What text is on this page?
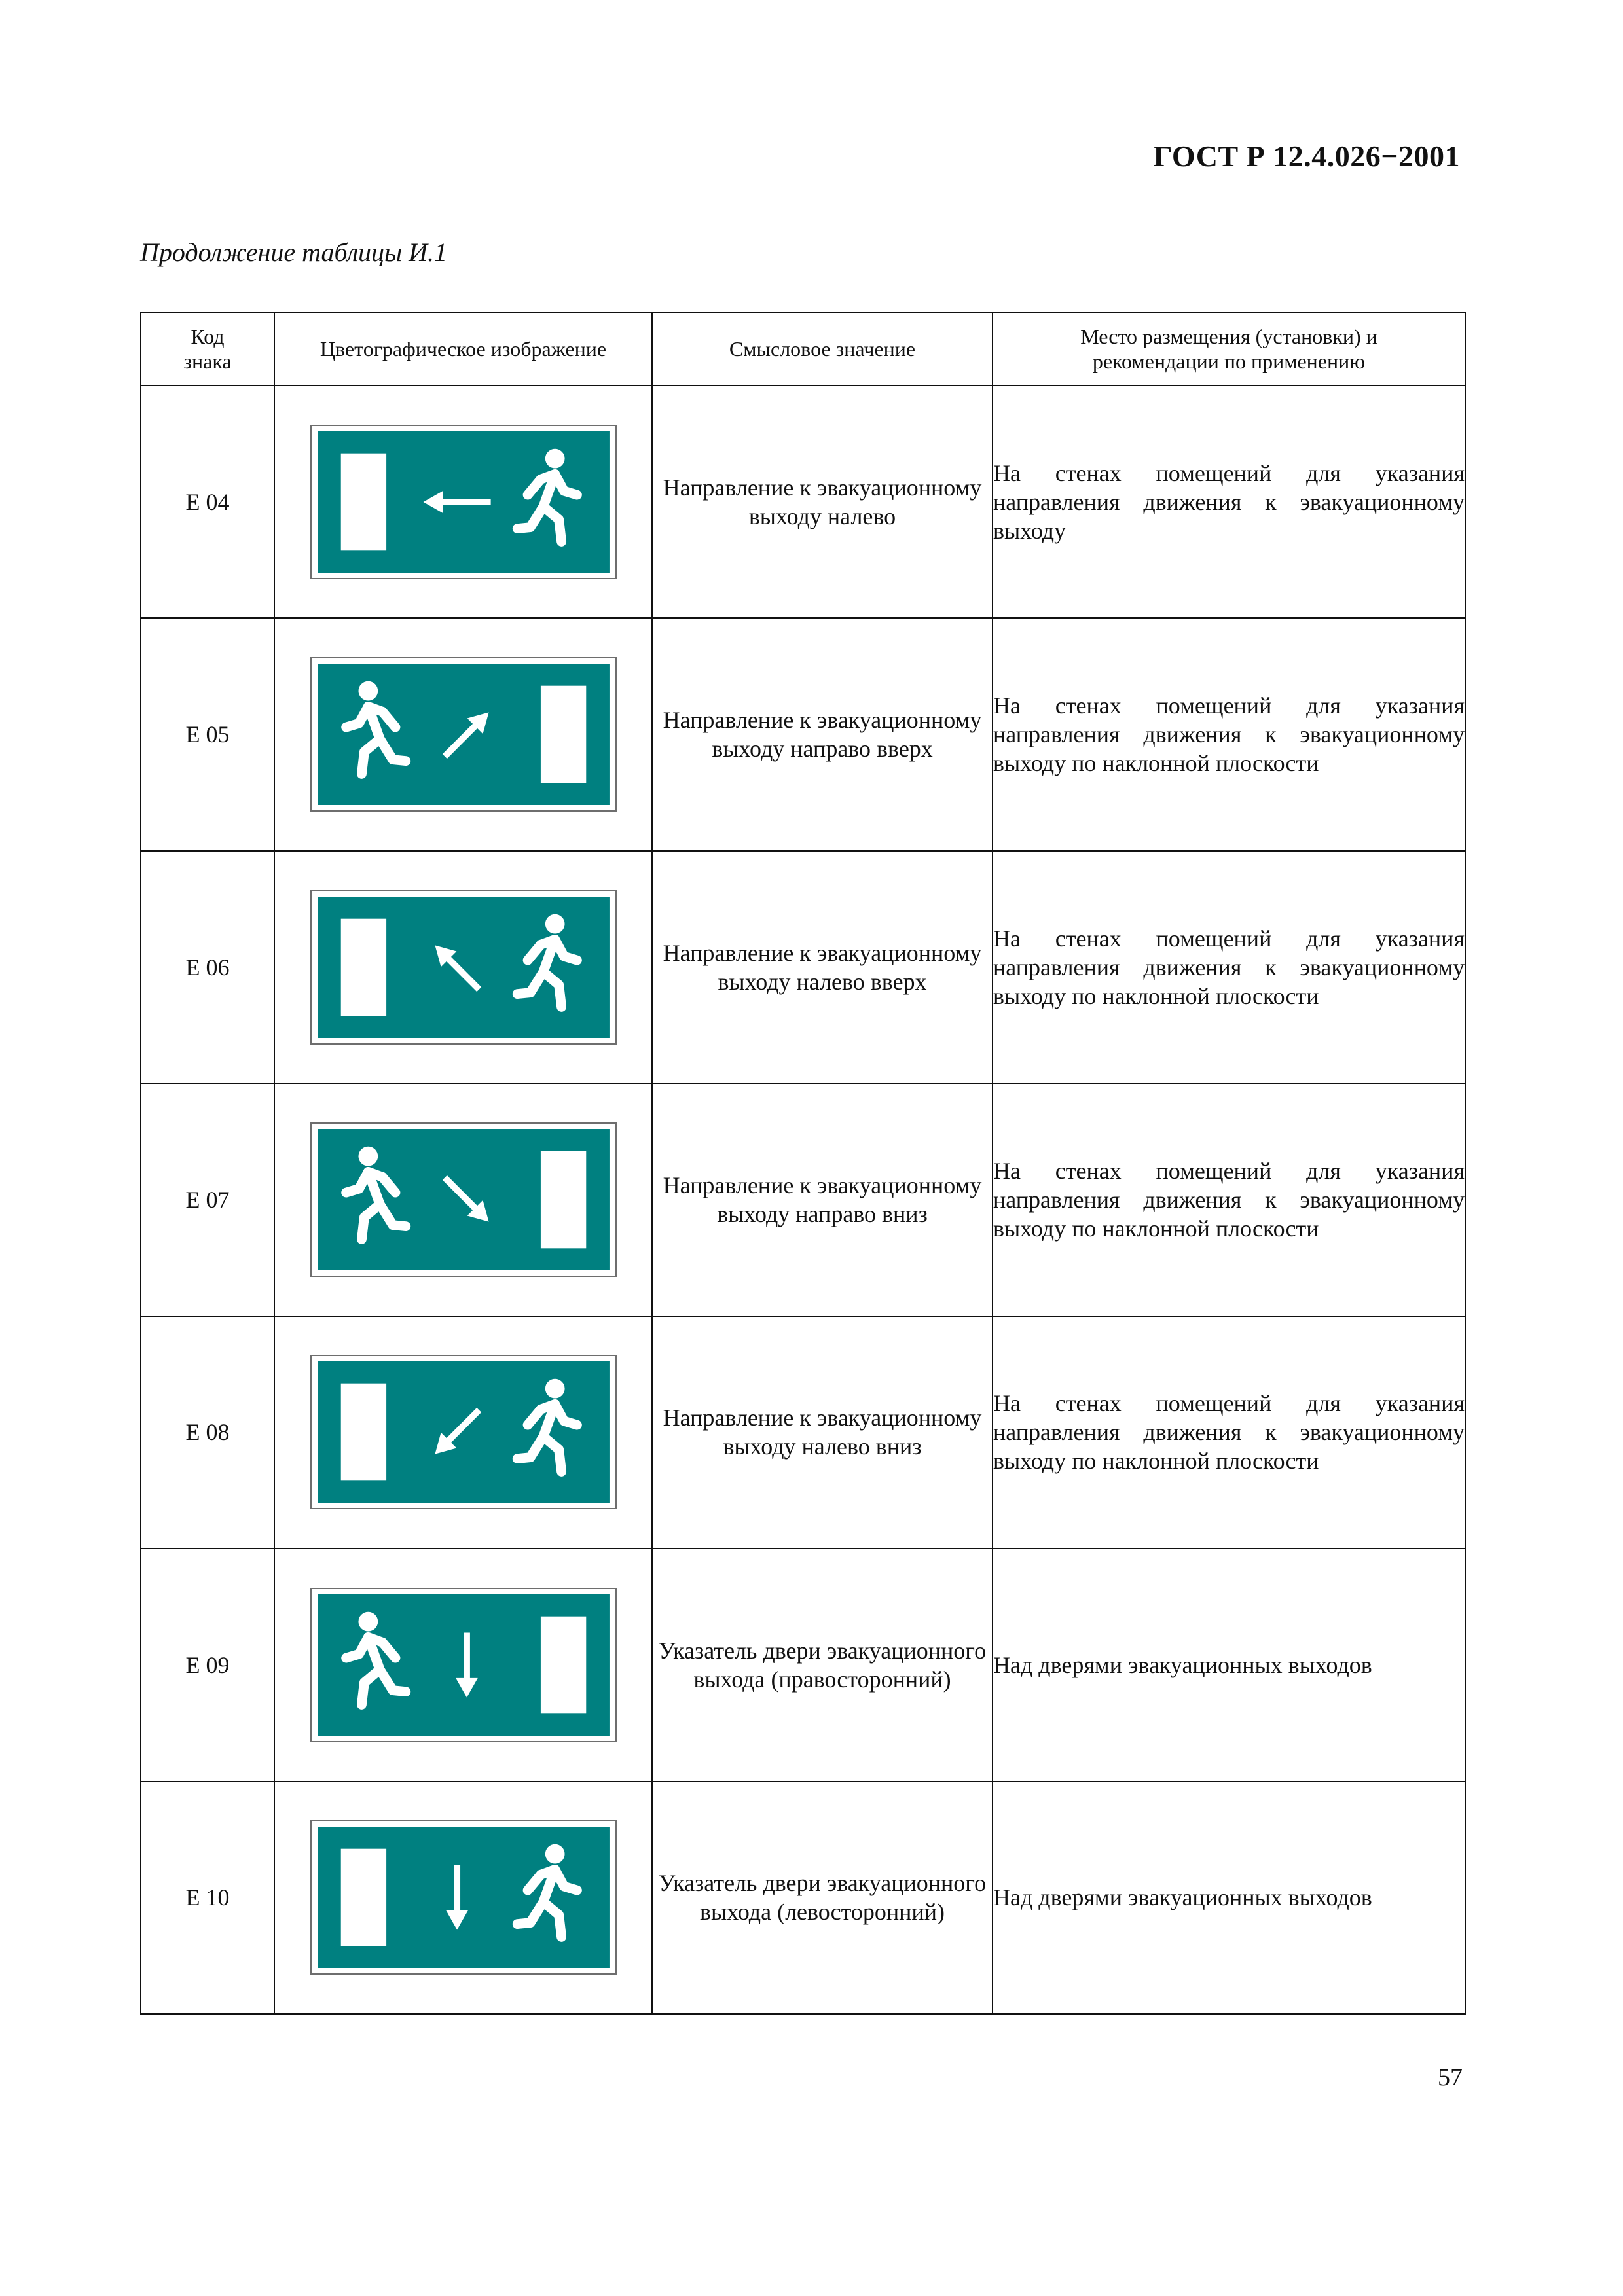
ГОСТ Р 12.4.026−2001
Продолжение таблицы И.1
Код знака	Цветографическое изображение	Смысловое значение	Место размещения (установки) и рекомендации по применению
Е 04		Направление к эвакуационному выходу налево	На стенах помещений для указания направления движения к эвакуационному выходу
Е 05		Направление к эвакуационному выходу направо вверх	На стенах помещений для указания направления движения к эвакуационному выходу по наклонной плоскости
Е 06		Направление к эвакуационному выходу налево вверх	На стенах помещений для указания направления движения к эвакуационному выходу по наклонной плоскости
Е 07		Направление к эвакуационному выходу направо вниз	На стенах помещений для указания направления движения к эвакуационному выходу по наклонной плоскости
Е 08		Направление к эвакуационному выходу налево вниз	На стенах помещений для указания направления движения к эвакуационному выходу по наклонной плоскости
Е 09		Указатель двери эвакуационного выхода (правосторонний)	Над дверями эвакуационных выходов
Е 10		Указатель двери эвакуационного выхода (левосторонний)	Над дверями эвакуационных выходов
57
